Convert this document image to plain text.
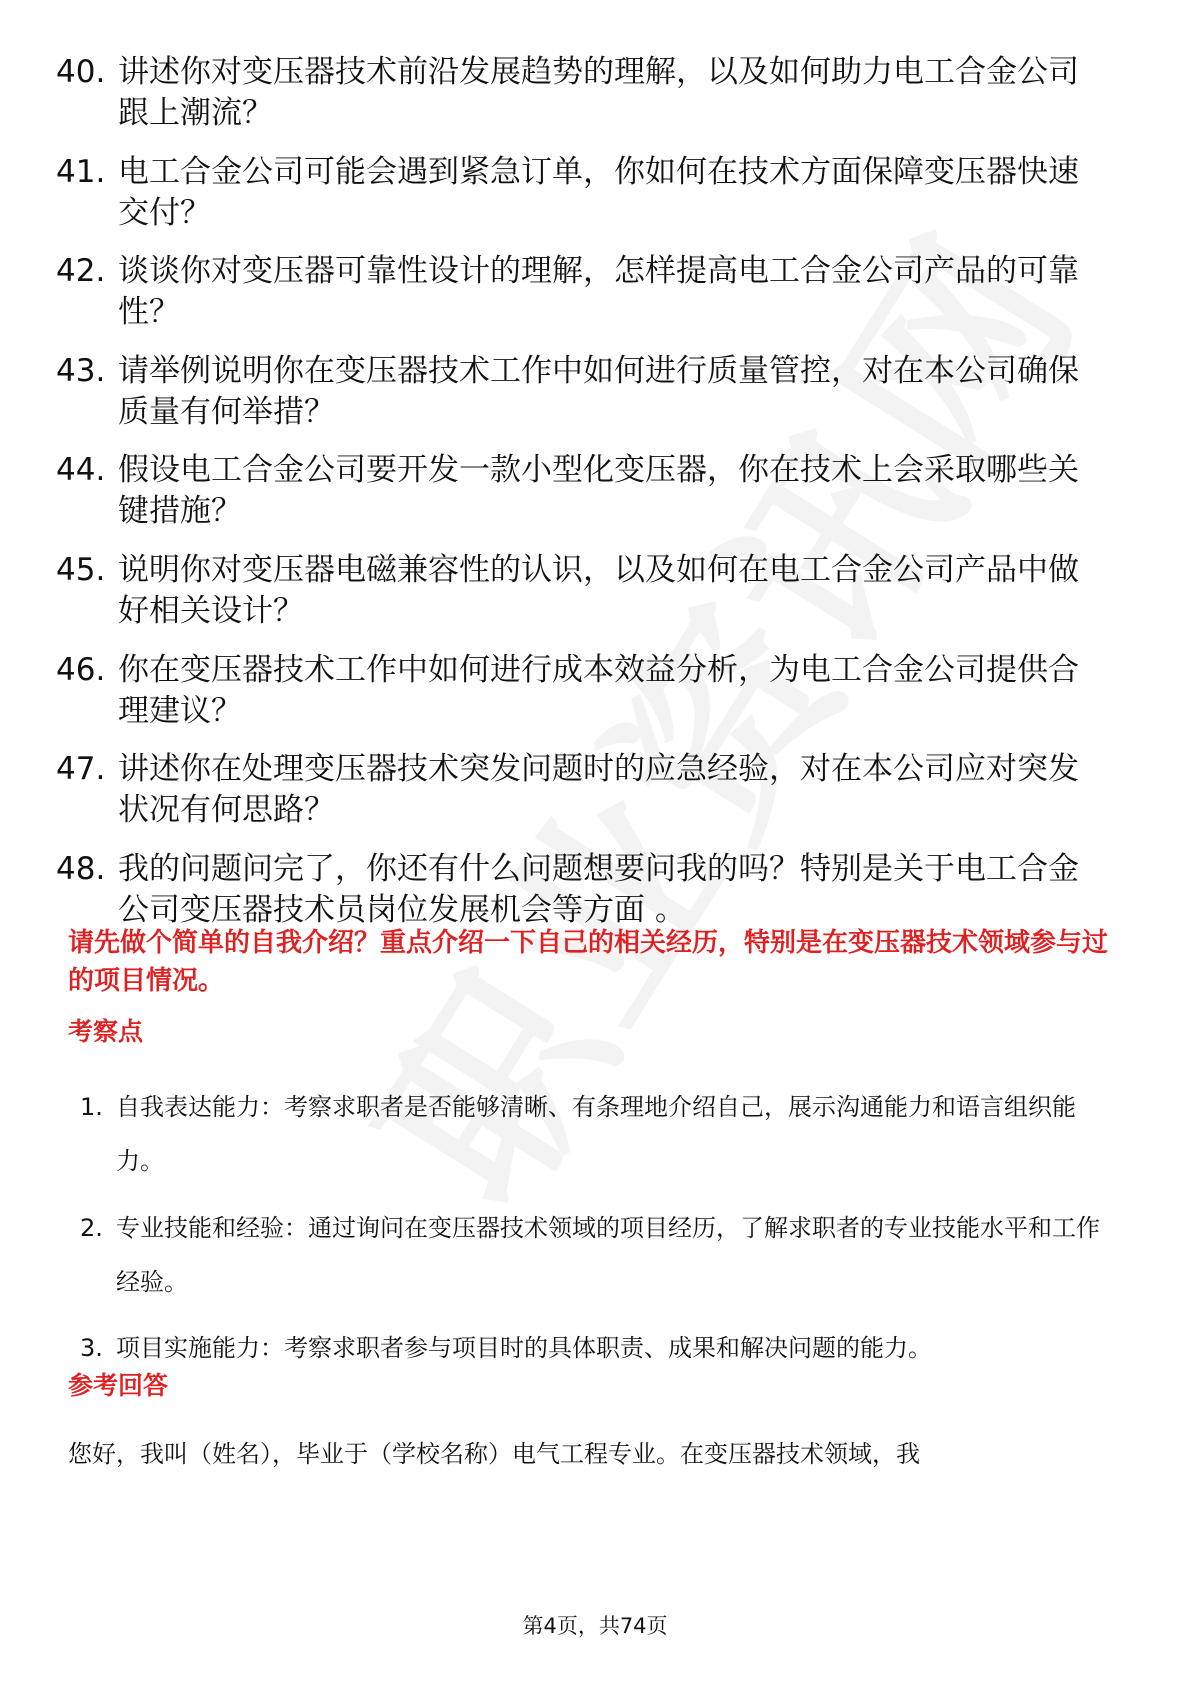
40. 讲述你对变压器技术前沿发展趋势的理解，以及如何助力电工合金公司跟上潮流？
41. 电工合金公司可能会遇到紧急订单，你如何在技术方面保障变压器快速交付？
42. 谈谈你对变压器可靠性设计的理解，怎样提高电工合金公司产品的可靠性？
43. 请举例说明你在变压器技术工作中如何进行质量管控，对在本公司确保质量有何举措？
44. 假设电工合金公司要开发一款小型化变压器，你在技术上会采取哪些关键措施？
45. 说明你对变压器电磁兼容性的认识，以及如何在电工合金公司产品中做好相关设计？
46. 你在变压器技术工作中如何进行成本效益分析，为电工合金公司提供合理建议？
47. 讲述你在处理变压器技术突发问题时的应急经验，对在本公司应对突发状况有何思路？
48. 我的问题问完了，你还有什么问题想要问我的吗？特别是关于电工合金公司变压器技术员岗位发展机会等方面 。

请先做个简单的自我介绍？重点介绍一下自己的相关经历，特别是在变压器技术领域参与过的项目情况。

考察点

1. 自我表达能力：考察求职者是否能够清晰、有条理地介绍自己，展示沟通能力和语言组织能力。
2. 专业技能和经验：通过询问在变压器技术领域的项目经历，了解求职者的专业技能水平和工作经验。
3. 项目实施能力：考察求职者参与项目时的具体职责、成果和解决问题的能力。

参考回答

您好，我叫（姓名），毕业于（学校名称）电气工程专业。在变压器技术领域，我

第4页，共74页
